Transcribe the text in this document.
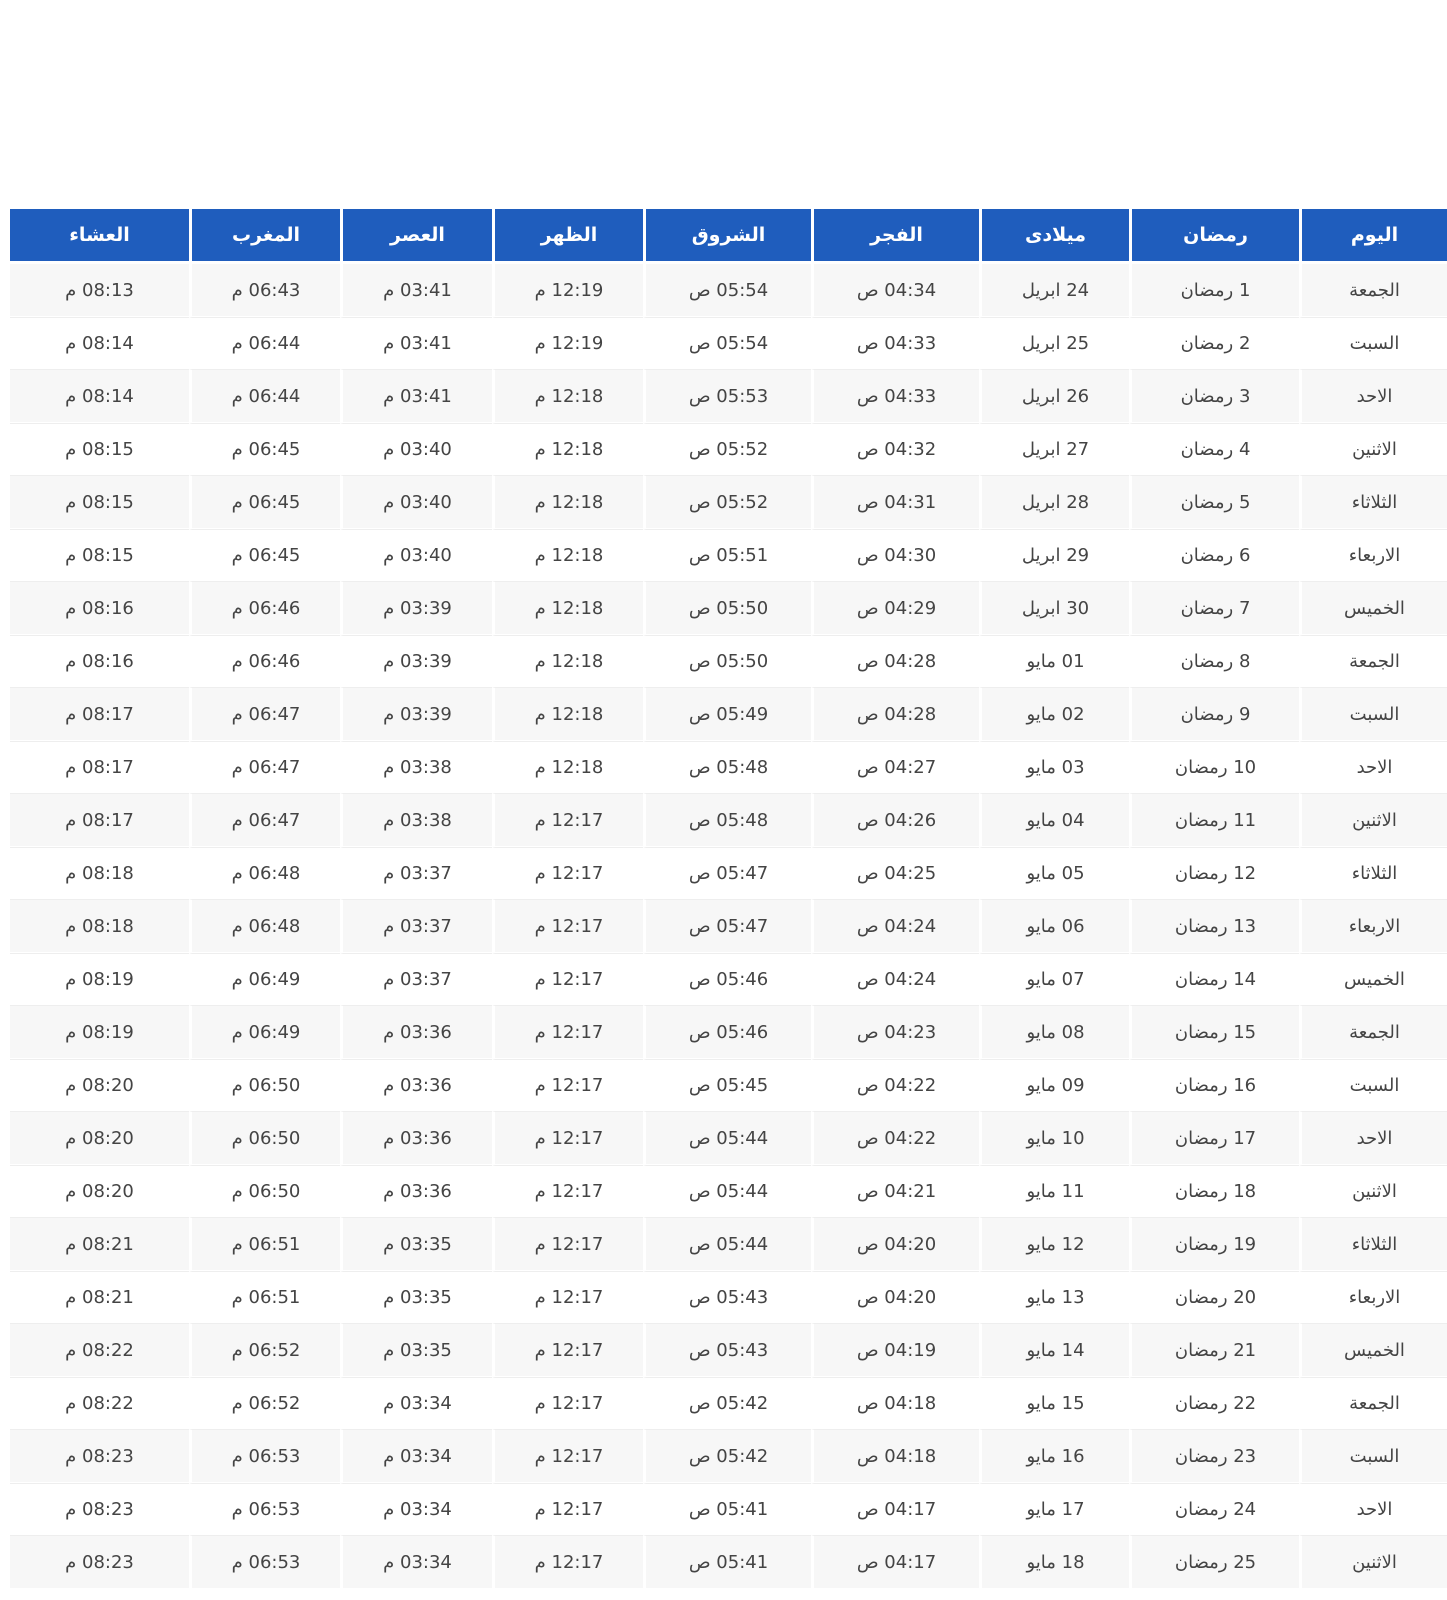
اليوم	رمضان	ميلادى	الفجر	الشروق	الظهر	العصر	المغرب	العشاء

الجمعة	1 رمضان	24 ابريل	04:34 ص	05:54 ص	12:19 م	03:41 م	06:43 م	08:13 م
السبت	2 رمضان	25 ابريل	04:33 ص	05:54 ص	12:19 م	03:41 م	06:44 م	08:14 م
الاحد	3 رمضان	26 ابريل	04:33 ص	05:53 ص	12:18 م	03:41 م	06:44 م	08:14 م
الاثنين	4 رمضان	27 ابريل	04:32 ص	05:52 ص	12:18 م	03:40 م	06:45 م	08:15 م
الثلاثاء	5 رمضان	28 ابريل	04:31 ص	05:52 ص	12:18 م	03:40 م	06:45 م	08:15 م
الاربعاء	6 رمضان	29 ابريل	04:30 ص	05:51 ص	12:18 م	03:40 م	06:45 م	08:15 م
الخميس	7 رمضان	30 ابريل	04:29 ص	05:50 ص	12:18 م	03:39 م	06:46 م	08:16 م
الجمعة	8 رمضان	01 مايو	04:28 ص	05:50 ص	12:18 م	03:39 م	06:46 م	08:16 م
السبت	9 رمضان	02 مايو	04:28 ص	05:49 ص	12:18 م	03:39 م	06:47 م	08:17 م
الاحد	10 رمضان	03 مايو	04:27 ص	05:48 ص	12:18 م	03:38 م	06:47 م	08:17 م
الاثنين	11 رمضان	04 مايو	04:26 ص	05:48 ص	12:17 م	03:38 م	06:47 م	08:17 م
الثلاثاء	12 رمضان	05 مايو	04:25 ص	05:47 ص	12:17 م	03:37 م	06:48 م	08:18 م
الاربعاء	13 رمضان	06 مايو	04:24 ص	05:47 ص	12:17 م	03:37 م	06:48 م	08:18 م
الخميس	14 رمضان	07 مايو	04:24 ص	05:46 ص	12:17 م	03:37 م	06:49 م	08:19 م
الجمعة	15 رمضان	08 مايو	04:23 ص	05:46 ص	12:17 م	03:36 م	06:49 م	08:19 م
السبت	16 رمضان	09 مايو	04:22 ص	05:45 ص	12:17 م	03:36 م	06:50 م	08:20 م
الاحد	17 رمضان	10 مايو	04:22 ص	05:44 ص	12:17 م	03:36 م	06:50 م	08:20 م
الاثنين	18 رمضان	11 مايو	04:21 ص	05:44 ص	12:17 م	03:36 م	06:50 م	08:20 م
الثلاثاء	19 رمضان	12 مايو	04:20 ص	05:44 ص	12:17 م	03:35 م	06:51 م	08:21 م
الاربعاء	20 رمضان	13 مايو	04:20 ص	05:43 ص	12:17 م	03:35 م	06:51 م	08:21 م
الخميس	21 رمضان	14 مايو	04:19 ص	05:43 ص	12:17 م	03:35 م	06:52 م	08:22 م
الجمعة	22 رمضان	15 مايو	04:18 ص	05:42 ص	12:17 م	03:34 م	06:52 م	08:22 م
السبت	23 رمضان	16 مايو	04:18 ص	05:42 ص	12:17 م	03:34 م	06:53 م	08:23 م
الاحد	24 رمضان	17 مايو	04:17 ص	05:41 ص	12:17 م	03:34 م	06:53 م	08:23 م
الاثنين	25 رمضان	18 مايو	04:17 ص	05:41 ص	12:17 م	03:34 م	06:53 م	08:23 م
